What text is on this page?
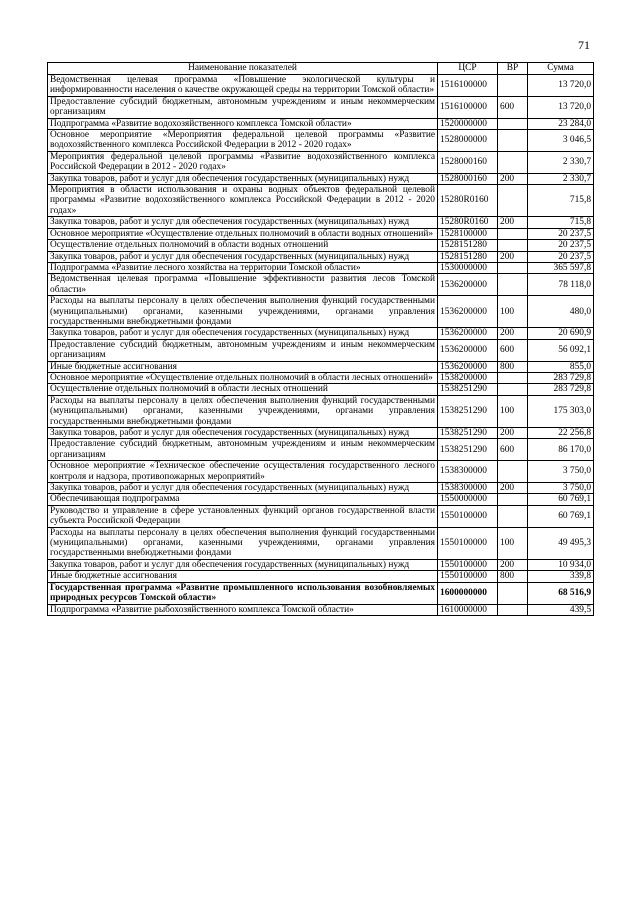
71
Наименование показателей	ЦСР	ВР	Сумма
Ведомственная целевая программа «Повышение экологической культуры и информированности населения о качестве окружающей среды на территории Томской области»	1516100000		13 720,0
Предоставление субсидий бюджетным, автономным учреждениям и иным некоммерческим организациям	1516100000	600	13 720,0
Подпрограмма «Развитие водохозяйственного комплекса Томской области»	1520000000		23 284,0
Основное мероприятие «Мероприятия федеральной целевой программы «Развитие водохозяйственного комплекса Российской Федерации в 2012 - 2020 годах»	1528000000		3 046,5
Мероприятия федеральной целевой программы «Развитие водохозяйственного комплекса Российской Федерации в 2012 - 2020 годах»	1528000160		2 330,7
Закупка товаров, работ и услуг для обеспечения государственных (муниципальных) нужд	1528000160	200	2 330,7
Мероприятия в области использования и охраны водных объектов федеральной целевой программы «Развитие водохозяйственного комплекса Российской Федерации в 2012 - 2020 годах»	15280R0160		715,8
Закупка товаров, работ и услуг для обеспечения государственных (муниципальных) нужд	15280R0160	200	715,8
Основное мероприятие «Осуществление отдельных полномочий в области водных отношений»	1528100000		20 237,5
Осуществление отдельных полномочий в области водных отношений	1528151280		20 237,5
Закупка товаров, работ и услуг для обеспечения государственных (муниципальных) нужд	1528151280	200	20 237,5
Подпрограмма «Развитие лесного хозяйства на территории Томской области»	1530000000		365 597,8
Ведомственная целевая программа «Повышение эффективности развития лесов Томской области»	1536200000		78 118,0
Расходы на выплаты персоналу в целях обеспечения выполнения функций государственными (муниципальными) органами, казенными учреждениями, органами управления государственными внебюджетными фондами	1536200000	100	480,0
Закупка товаров, работ и услуг для обеспечения государственных (муниципальных) нужд	1536200000	200	20 690,9
Предоставление субсидий бюджетным, автономным учреждениям и иным некоммерческим организациям	1536200000	600	56 092,1
Иные бюджетные ассигнования	1536200000	800	855,0
Основное мероприятие «Осуществление отдельных полномочий в области лесных отношений»	1538200000		283 729,8
Осуществление отдельных полномочий в области лесных отношений	1538251290		283 729,8
Расходы на выплаты персоналу в целях обеспечения выполнения функций государственными (муниципальными) органами, казенными учреждениями, органами управления государственными внебюджетными фондами	1538251290	100	175 303,0
Закупка товаров, работ и услуг для обеспечения государственных (муниципальных) нужд	1538251290	200	22 256,8
Предоставление субсидий бюджетным, автономным учреждениям и иным некоммерческим организациям	1538251290	600	86 170,0
Основное мероприятие «Техническое обеспечение осуществления государственного лесного контроля и надзора, противопожарных мероприятий»	1538300000		3 750,0
Закупка товаров, работ и услуг для обеспечения государственных (муниципальных) нужд	1538300000	200	3 750,0
Обеспечивающая подпрограмма	1550000000		60 769,1
Руководство и управление в сфере установленных функций органов государственной власти субъекта Российской Федерации	1550100000		60 769,1
Расходы на выплаты персоналу в целях обеспечения выполнения функций государственными (муниципальными) органами, казенными учреждениями, органами управления государственными внебюджетными фондами	1550100000	100	49 495,3
Закупка товаров, работ и услуг для обеспечения государственных (муниципальных) нужд	1550100000	200	10 934,0
Иные бюджетные ассигнования	1550100000	800	339,8
Государственная программа «Развитие промышленного использования возобновляемых природных ресурсов Томской области»	1600000000		68 516,9
Подпрограмма «Развитие рыбохозяйственного комплекса Томской области»	1610000000		439,5
